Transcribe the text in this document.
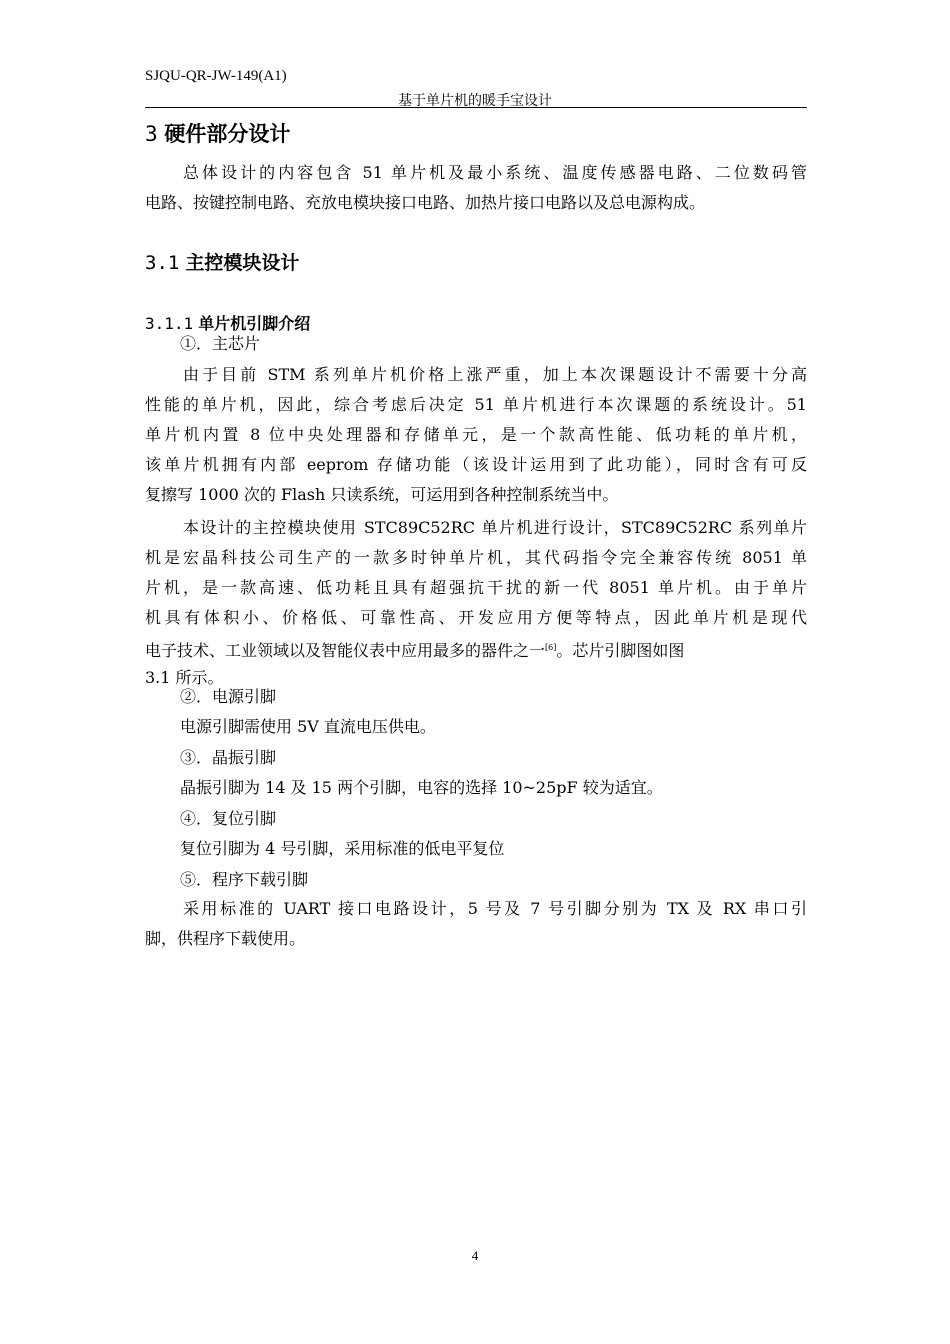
SJQU-QR-JW-149(A1)
基于单片机的暖手宝设计
3 硬件部分设计
总体设计的内容包含 51 单片机及最小系统、温度传感器电路、二位数码管
电路、按键控制电路、充放电模块接口电路、加热片接口电路以及总电源构成。
3.1 主控模块设计
3.1.1 单片机引脚介绍
①．主芯片
由于目前 STM 系列单片机价格上涨严重，加上本次课题设计不需要十分高
性能的单片机，因此，综合考虑后决定 51 单片机进行本次课题的系统设计。51
单片机内置 8 位中央处理器和存储单元，是一个款高性能、低功耗的单片机，
该单片机拥有内部 eeprom 存储功能（该设计运用到了此功能），同时含有可反
复擦写 1000 次的 Flash 只读系统，可运用到各种控制系统当中。
本设计的主控模块使用 STC89C52RC 单片机进行设计，STC89C52RC 系列单片
机是宏晶科技公司生产的一款多时钟单片机，其代码指令完全兼容传统 8051 单
片机，是一款高速、低功耗且具有超强抗干扰的新一代 8051 单片机。由于单片
机具有体积小、价格低、可靠性高、开发应用方便等特点，因此单片机是现代
电子技术、工业领域以及智能仪表中应用最多的器件之一[6]。芯片引脚图如图
3.1 所示。
②．电源引脚
电源引脚需使用 5V 直流电压供电。
③．晶振引脚
晶振引脚为 14 及 15 两个引脚，电容的选择 10~25pF 较为适宜。
④．复位引脚
复位引脚为 4 号引脚，采用标准的低电平复位
⑤．程序下载引脚
采用标准的 UART 接口电路设计，5 号及 7 号引脚分别为 TX 及 RX 串口引
脚，供程序下载使用。
4
